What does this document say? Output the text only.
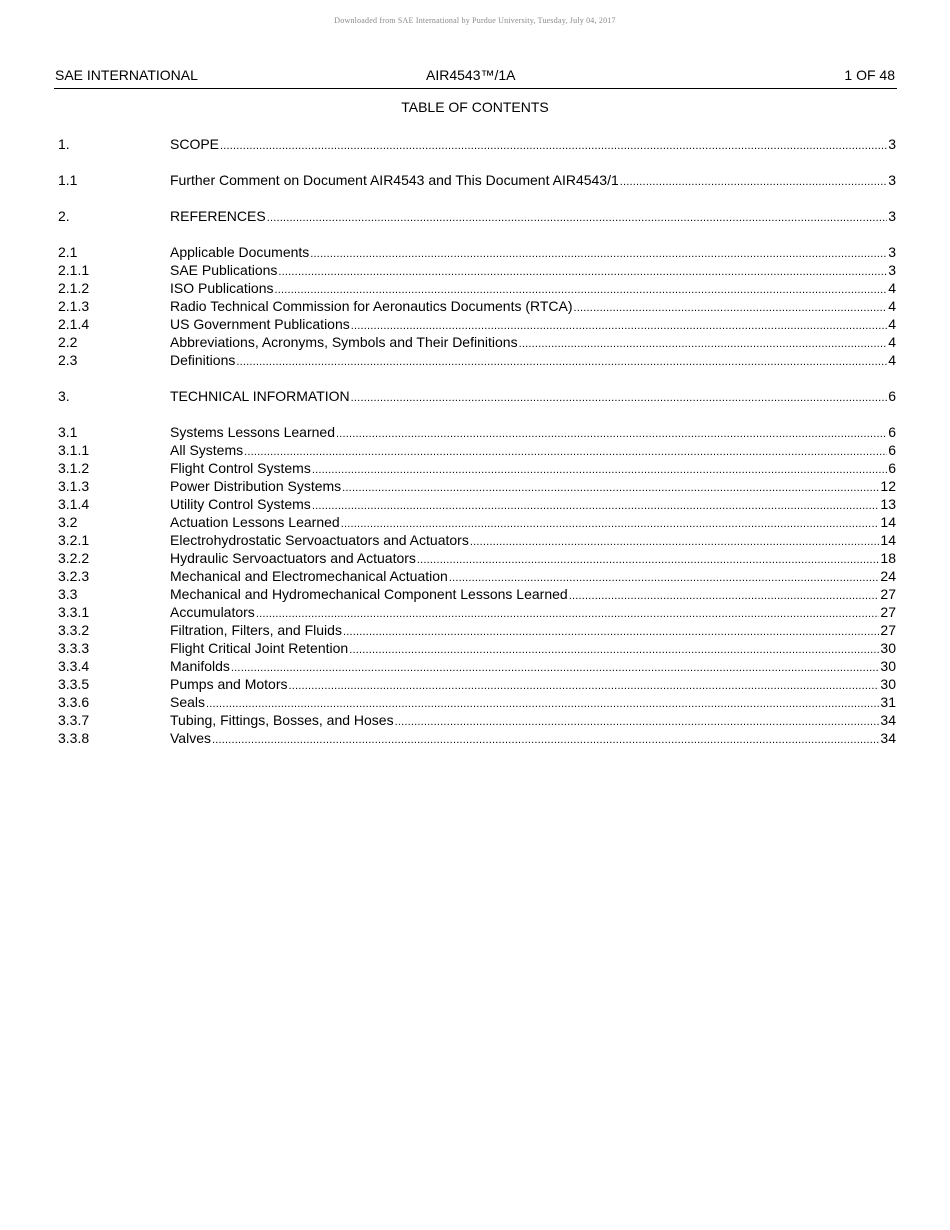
Downloaded from SAE International by Purdue University, Tuesday, July 04, 2017
SAE INTERNATIONAL	AIR4543™/1A	1 OF 48
TABLE OF CONTENTS
1.	SCOPE .....	3
1.1	Further Comment on Document AIR4543 and This Document AIR4543/1 .....	3
2.	REFERENCES .....	3
2.1	Applicable Documents .....	3
2.1.1	SAE Publications .....	3
2.1.2	ISO Publications .....	4
2.1.3	Radio Technical Commission for Aeronautics Documents (RTCA) .....	4
2.1.4	US Government Publications .....	4
2.2	Abbreviations, Acronyms, Symbols and Their Definitions .....	4
2.3	Definitions .....	4
3.	TECHNICAL INFORMATION .....	6
3.1	Systems Lessons Learned .....	6
3.1.1	All Systems .....	6
3.1.2	Flight Control Systems .....	6
3.1.3	Power Distribution Systems .....	12
3.1.4	Utility Control Systems .....	13
3.2	Actuation Lessons Learned .....	14
3.2.1	Electrohydrostatic Servoactuators and Actuators .....	14
3.2.2	Hydraulic Servoactuators and Actuators .....	18
3.2.3	Mechanical and Electromechanical Actuation .....	24
3.3	Mechanical and Hydromechanical Component Lessons Learned .....	27
3.3.1	Accumulators .....	27
3.3.2	Filtration, Filters, and Fluids .....	27
3.3.3	Flight Critical Joint Retention .....	30
3.3.4	Manifolds .....	30
3.3.5	Pumps and Motors .....	30
3.3.6	Seals .....	31
3.3.7	Tubing, Fittings, Bosses, and Hoses .....	34
3.3.8	Valves .....	34
